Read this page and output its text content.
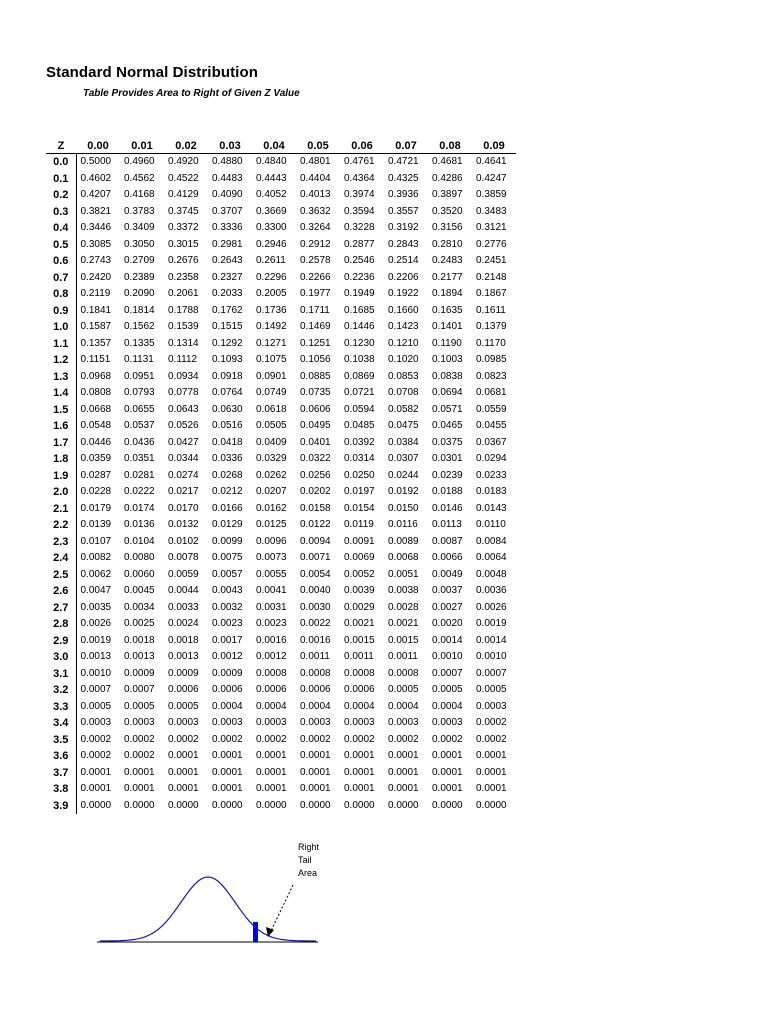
Standard Normal Distribution
Table Provides Area to Right of Given Z Value
Z	0.00	0.01	0.02	0.03	0.04	0.05	0.06	0.07	0.08	0.09
0.0	0.5000	0.4960	0.4920	0.4880	0.4840	0.4801	0.4761	0.4721	0.4681	0.4641
0.1	0.4602	0.4562	0.4522	0.4483	0.4443	0.4404	0.4364	0.4325	0.4286	0.4247
0.2	0.4207	0.4168	0.4129	0.4090	0.4052	0.4013	0.3974	0.3936	0.3897	0.3859
0.3	0.3821	0.3783	0.3745	0.3707	0.3669	0.3632	0.3594	0.3557	0.3520	0.3483
0.4	0.3446	0.3409	0.3372	0.3336	0.3300	0.3264	0.3228	0.3192	0.3156	0.3121
0.5	0.3085	0.3050	0.3015	0.2981	0.2946	0.2912	0.2877	0.2843	0.2810	0.2776
0.6	0.2743	0.2709	0.2676	0.2643	0.2611	0.2578	0.2546	0.2514	0.2483	0.2451
0.7	0.2420	0.2389	0.2358	0.2327	0.2296	0.2266	0.2236	0.2206	0.2177	0.2148
0.8	0.2119	0.2090	0.2061	0.2033	0.2005	0.1977	0.1949	0.1922	0.1894	0.1867
0.9	0.1841	0.1814	0.1788	0.1762	0.1736	0.1711	0.1685	0.1660	0.1635	0.1611
1.0	0.1587	0.1562	0.1539	0.1515	0.1492	0.1469	0.1446	0.1423	0.1401	0.1379
1.1	0.1357	0.1335	0.1314	0.1292	0.1271	0.1251	0.1230	0.1210	0.1190	0.1170
1.2	0.1151	0.1131	0.1112	0.1093	0.1075	0.1056	0.1038	0.1020	0.1003	0.0985
1.3	0.0968	0.0951	0.0934	0.0918	0.0901	0.0885	0.0869	0.0853	0.0838	0.0823
1.4	0.0808	0.0793	0.0778	0.0764	0.0749	0.0735	0.0721	0.0708	0.0694	0.0681
1.5	0.0668	0.0655	0.0643	0.0630	0.0618	0.0606	0.0594	0.0582	0.0571	0.0559
1.6	0.0548	0.0537	0.0526	0.0516	0.0505	0.0495	0.0485	0.0475	0.0465	0.0455
1.7	0.0446	0.0436	0.0427	0.0418	0.0409	0.0401	0.0392	0.0384	0.0375	0.0367
1.8	0.0359	0.0351	0.0344	0.0336	0.0329	0.0322	0.0314	0.0307	0.0301	0.0294
1.9	0.0287	0.0281	0.0274	0.0268	0.0262	0.0256	0.0250	0.0244	0.0239	0.0233
2.0	0.0228	0.0222	0.0217	0.0212	0.0207	0.0202	0.0197	0.0192	0.0188	0.0183
2.1	0.0179	0.0174	0.0170	0.0166	0.0162	0.0158	0.0154	0.0150	0.0146	0.0143
2.2	0.0139	0.0136	0.0132	0.0129	0.0125	0.0122	0.0119	0.0116	0.0113	0.0110
2.3	0.0107	0.0104	0.0102	0.0099	0.0096	0.0094	0.0091	0.0089	0.0087	0.0084
2.4	0.0082	0.0080	0.0078	0.0075	0.0073	0.0071	0.0069	0.0068	0.0066	0.0064
2.5	0.0062	0.0060	0.0059	0.0057	0.0055	0.0054	0.0052	0.0051	0.0049	0.0048
2.6	0.0047	0.0045	0.0044	0.0043	0.0041	0.0040	0.0039	0.0038	0.0037	0.0036
2.7	0.0035	0.0034	0.0033	0.0032	0.0031	0.0030	0.0029	0.0028	0.0027	0.0026
2.8	0.0026	0.0025	0.0024	0.0023	0.0023	0.0022	0.0021	0.0021	0.0020	0.0019
2.9	0.0019	0.0018	0.0018	0.0017	0.0016	0.0016	0.0015	0.0015	0.0014	0.0014
3.0	0.0013	0.0013	0.0013	0.0012	0.0012	0.0011	0.0011	0.0011	0.0010	0.0010
3.1	0.0010	0.0009	0.0009	0.0009	0.0008	0.0008	0.0008	0.0008	0.0007	0.0007
3.2	0.0007	0.0007	0.0006	0.0006	0.0006	0.0006	0.0006	0.0005	0.0005	0.0005
3.3	0.0005	0.0005	0.0005	0.0004	0.0004	0.0004	0.0004	0.0004	0.0004	0.0003
3.4	0.0003	0.0003	0.0003	0.0003	0.0003	0.0003	0.0003	0.0003	0.0003	0.0002
3.5	0.0002	0.0002	0.0002	0.0002	0.0002	0.0002	0.0002	0.0002	0.0002	0.0002
3.6	0.0002	0.0002	0.0001	0.0001	0.0001	0.0001	0.0001	0.0001	0.0001	0.0001
3.7	0.0001	0.0001	0.0001	0.0001	0.0001	0.0001	0.0001	0.0001	0.0001	0.0001
3.8	0.0001	0.0001	0.0001	0.0001	0.0001	0.0001	0.0001	0.0001	0.0001	0.0001
3.9	0.0000	0.0000	0.0000	0.0000	0.0000	0.0000	0.0000	0.0000	0.0000	0.0000
Right
Tail
Area
